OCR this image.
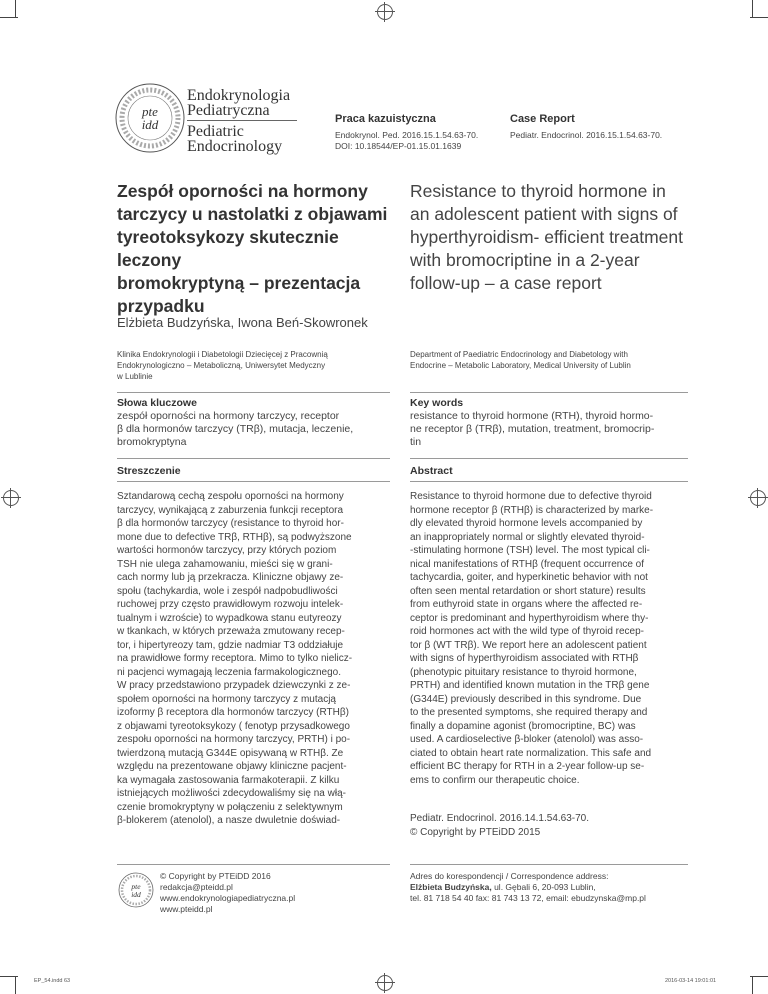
pte
idd
Endokrynologia
Pediatryczna
Pediatric
Endocrinology
Praca kazuistyczna
Endokrynol. Ped. 2016.15.1.54.63-70.
DOI: 10.18544/EP-01.15.01.1639
Case Report
Pediatr. Endocrinol. 2016.15.1.54.63-70.
Zespół oporności na hormony
tarczycy u nastolatki z objawami
tyreotoksykozy skutecznie leczony
bromokryptyną – prezentacja
przypadku
Resistance to thyroid hormone in
an adolescent patient with signs of
hyperthyroidism- efficient treatment
with bromocriptine in a 2-year
follow-up – a case report
Elżbieta Budzyńska, Iwona Beń-Skowronek
Klinika Endokrynologii i Diabetologii Dziecięcej z Pracownią
Endokrynologiczno – Metaboliczną, Uniwersytet Medyczny
w Lublinie
Department of Paediatric Endocrinology and Diabetology with
Endocrine – Metabolic Laboratory, Medical University of Lublin
Słowa kluczowe
zespół oporności na hormony tarczycy, receptor
β dla hormonów tarczycy (TRβ), mutacja, leczenie,
bromokryptyna
Key words
resistance to thyroid hormone (RTH), thyroid hormo-
ne receptor β (TRβ), mutation, treatment, bromocrip-
tin
Streszczenie	Abstract
Sztandarową cechą zespołu oporności na hormony
tarczycy, wynikającą z zaburzenia funkcji receptora
β dla hormonów tarczycy (resistance to thyroid hor-
mone due to defective TRβ, RTHβ), są podwyższone
wartości hormonów tarczycy, przy których poziom
TSH nie ulega zahamowaniu, mieści się w grani-
cach normy lub ją przekracza. Kliniczne objawy ze-
społu (tachykardia, wole i zespół nadpobudliwości
ruchowej przy często prawidłowym rozwoju intelek-
tualnym i wzroście) to wypadkowa stanu eutyreozy
w tkankach, w których przeważa zmutowany recep-
tor, i hipertyreozy tam, gdzie nadmiar T3 oddziałuje
na prawidłowe formy receptora. Mimo to tylko nielicz-
ni pacjenci wymagają leczenia farmakologicznego.
W pracy przedstawiono przypadek dziewczynki z ze-
społem oporności na hormony tarczycy z mutacją
izoformy β receptora dla hormonów tarczycy (RTHβ)
z objawami tyreotoksykozy ( fenotyp przysadkowego
zespołu oporności na hormony tarczycy, PRTH) i po-
twierdzoną mutacją G344E opisywaną w RTHβ. Ze
względu na prezentowane objawy kliniczne pacjent-
ka wymagała zastosowania farmakoterapii. Z kilku
istniejących możliwości zdecydowaliśmy się na włą-
czenie bromokryptyny w połączeniu z selektywnym
β-blokerem (atenolol), a nasze dwuletnie doświad-
Resistance to thyroid hormone due to defective thyroid
hormone receptor β (RTHβ) is characterized by marke-
dly elevated thyroid hormone levels accompanied by
an inappropriately normal or slightly elevated thyroid-
-stimulating hormone (TSH) level. The most typical cli-
nical manifestations of RTHβ (frequent occurrence of
tachycardia, goiter, and hyperkinetic behavior with not
often seen mental retardation or short stature) results
from euthyroid state in organs where the affected re-
ceptor is predominant and hyperthyroidism where thy-
roid hormones act with the wild type of thyroid recep-
tor β (WT TRβ). We report here an adolescent patient
with signs of hyperthyroidism associated with RTHβ
(phenotypic pituitary resistance to thyroid hormone,
PRTH) and identified known mutation in the TRβ gene
(G344E) previously described in this syndrome. Due
to the presented symptoms, she required therapy and
finally a dopamine agonist (bromocriptine, BC) was
used. A cardioselective β-bloker (atenolol) was asso-
ciated to obtain heart rate normalization. This safe and
efficient BC therapy for RTH in a 2-year follow-up se-
ems to confirm our therapeutic choice.
Pediatr. Endocrinol. 2016.14.1.54.63-70.
© Copyright by PTEiDD 2015
pte
idd
© Copyright by PTEiDD 2016
redakcja@pteidd.pl
www.endokrynologiapediatryczna.pl
www.pteidd.pl
Adres do korespondencji / Correspondence address:
Elżbieta Budzyńska, ul. Gębali 6, 20-093 Lublin,
tel. 81 718 54 40 fax: 81 743 13 72, email: ebudzynska@mp.pl
EP_54.indd 63	2016-03-14 19:01:01
